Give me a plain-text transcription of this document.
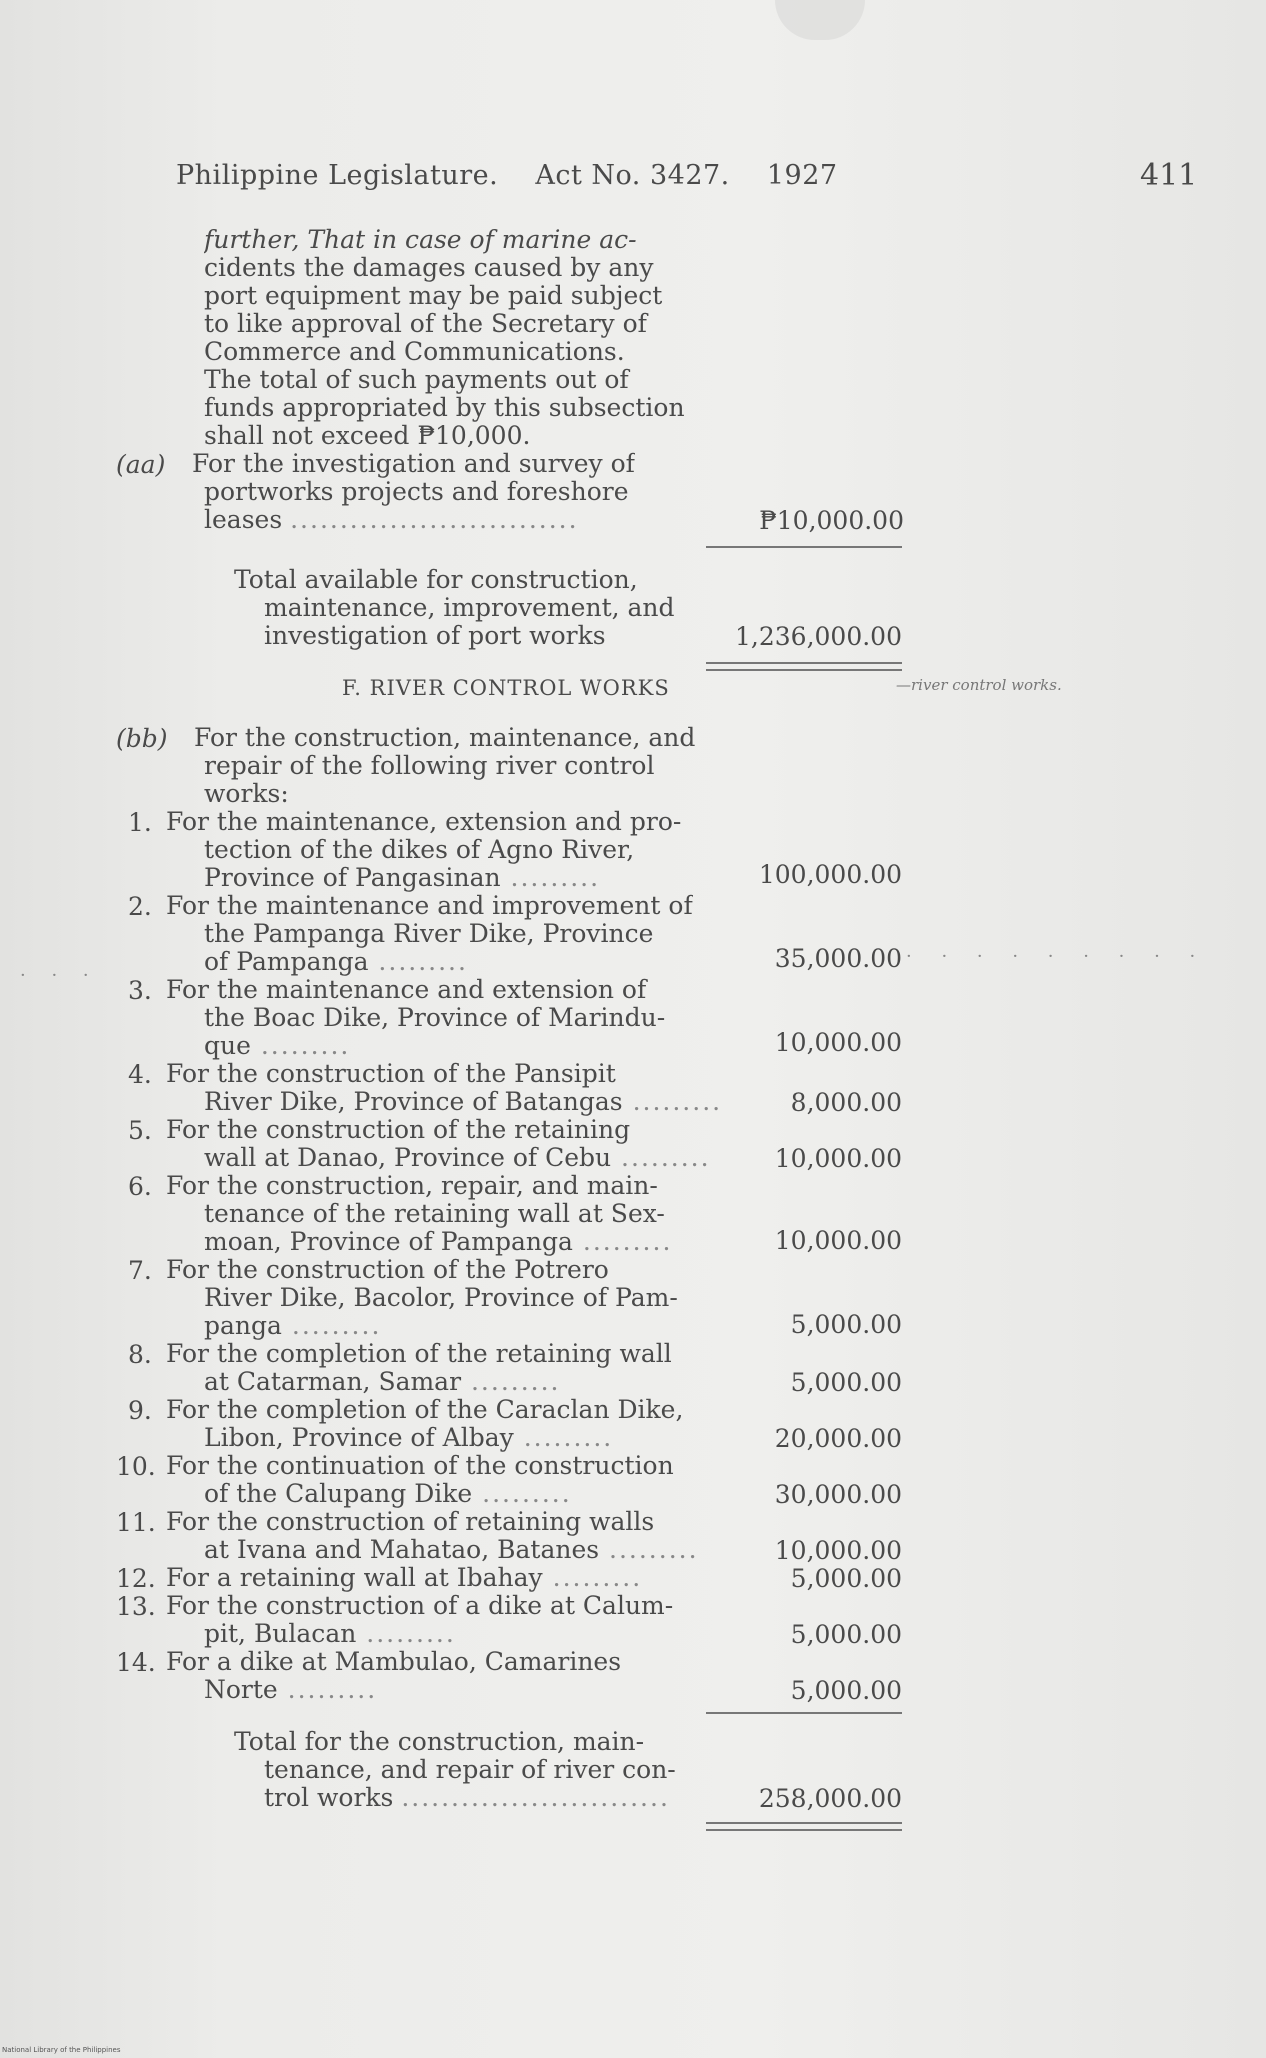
Philippine Legislature. Act No. 3427. 1927	411
further, That in case of marine ac-
cidents the damages caused by any
port equipment may be paid subject
to like approval of the Secretary of
Commerce and Communications.
The total of such payments out of
funds appropriated by this subsection
shall not exceed ₱10,000.
(aa) For the investigation and survey of
portworks projects and foreshore
leases .............................	₱10,000.00
Total available for construction,
maintenance, improvement, and
investigation of port works	1,236,000.00
F. RIVER CONTROL WORKS	—river control works.
(bb) For the construction, maintenance, and
repair of the following river control
works:
1. For the maintenance, extension and pro-
tection of the dikes of Agno River,
Province of Pangasinan .........	100,000.00
2. For the maintenance and improvement of
the Pampanga River Dike, Province
of Pampanga .........	35,000.00
3. For the maintenance and extension of
the Boac Dike, Province of Marindu-
que .........	10,000.00
4. For the construction of the Pansipit
River Dike, Province of Batangas .........	8,000.00
5. For the construction of the retaining
wall at Danao, Province of Cebu .........	10,000.00
6. For the construction, repair, and main-
tenance of the retaining wall at Sex-
moan, Province of Pampanga .........	10,000.00
7. For the construction of the Potrero
River Dike, Bacolor, Province of Pam-
panga .........	5,000.00
8. For the completion of the retaining wall
at Catarman, Samar .........	5,000.00
9. For the completion of the Caraclan Dike,
Libon, Province of Albay .........	20,000.00
10. For the continuation of the construction
of the Calupang Dike .........	30,000.00
11. For the construction of retaining walls
at Ivana and Mahatao, Batanes .........	10,000.00
12. For a retaining wall at Ibahay .........	5,000.00
13. For the construction of a dike at Calum-
pit, Bulacan .........	5,000.00
14. For a dike at Mambulao, Camarines
Norte .........	5,000.00
· · ·
· · · · · · · · ·
Total for the construction, main-
tenance, and repair of river con-
trol works ...........................	258,000.00
National Library of the Philippines
